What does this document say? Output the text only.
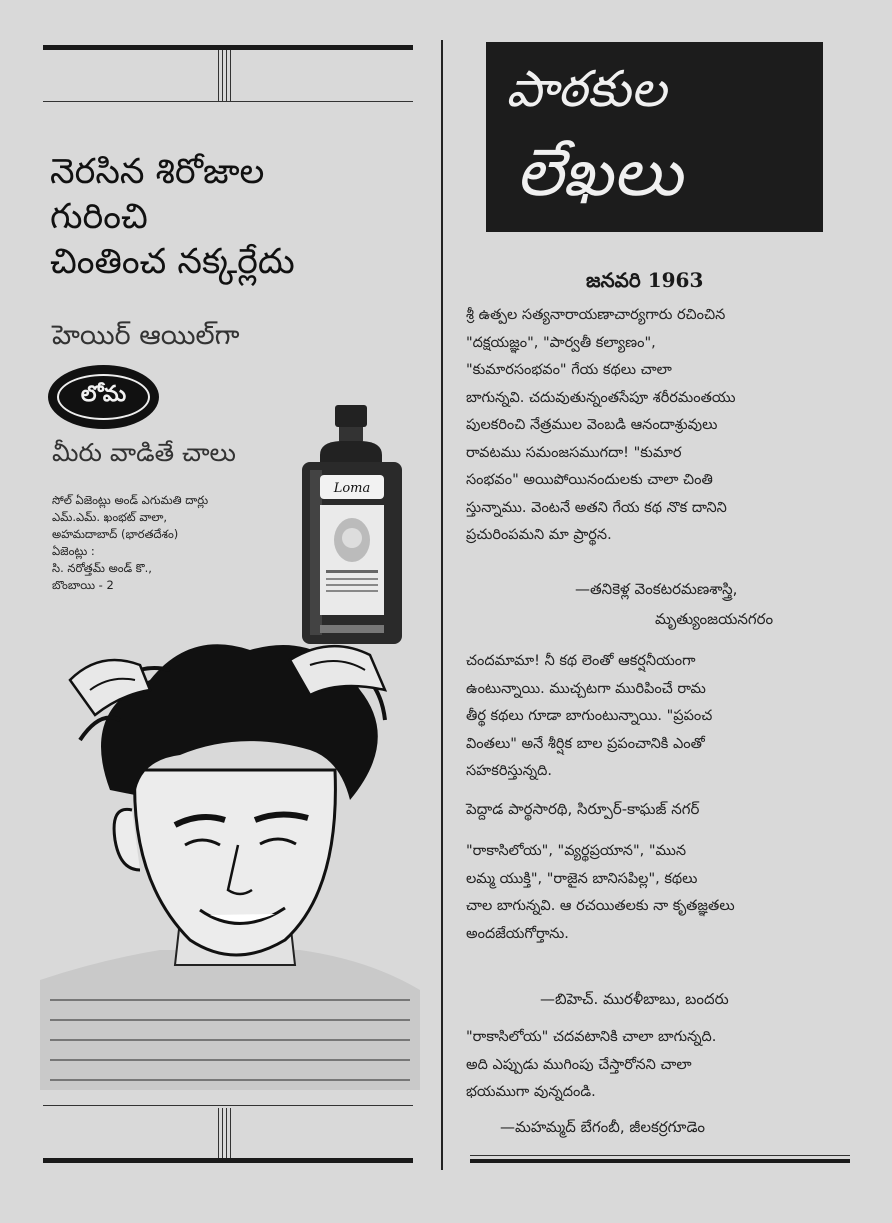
నెరసిన శిరోజాల
గురించి
చింతించ నక్కర్లేదు
హెయిర్ ఆయిల్‌గా
లోమ
మీరు వాడితే చాలు
సోల్ ఏజెంట్లు అండ్ ఎగుమతి దార్లు
ఎమ్.ఎమ్. ఖంభట్ వాలా,
అహమదాబాద్ (భారతదేశం)
ఏజెంట్లు :
సి. నరోత్తమ్ అండ్ కొ.,
బొంబాయి - 2
Loma
పాఠకుల
లేఖలు
జనవరి 1963
శ్రీ ఉత్పల సత్యనారాయణాచార్యగారు రచించిన
"దక్షయజ్ఞం", "పార్వతీ కల్యాణం",
"కుమారసంభవం" గేయ కథలు చాలా
బాగున్నవి. చదువుతున్నంతసేపూ శరీరమంతయు
పులకరించి నేత్రముల వెంబడి ఆనందాశ్రువులు
రావటము సమంజసముగదా! "కుమార
సంభవం" అయిపోయినందులకు చాలా చింతి
స్తున్నాము. వెంటనే అతని గేయ కథ నొక దానిని
ప్రచురింపమని మా ప్రార్థన.
—తనికెళ్ల వెంకటరమణశాస్త్రి,
మృత్యుంజయనగరం
చందమామా! నీ కథ లెంతో ఆకర్షనీయంగా
ఉంటున్నాయి. ముచ్చటగా మురిపించే రామ
తీర్థ కథలు గూడా బాగుంటున్నాయి. "ప్రపంచ
వింతలు" అనే శీర్షిక బాల ప్రపంచానికి ఎంతో
సహకరిస్తున్నది.
పెద్దాడ పార్థసారథి, సిర్పూర్-కాఘజ్ నగర్
"రాకాసిలోయ", "వ్యర్థప్రయాన", "మున
లమ్మ యుక్తి", "రాజైన బానిసపిల్ల", కథలు
చాల బాగున్నవి. ఆ రచయితలకు నా కృతజ్ఞతలు
అందజేయగోర్తాను.
—బిహెచ్. మురళీబాబు, బందరు
"రాకాసిలోయ" చదవటానికి చాలా బాగున్నది.
అది ఎప్పుడు ముగింపు చేస్తారోనని చాలా
భయముగా వున్నదండి.
—మహమ్మద్ బేగంబీ, జీలకర్రగూడెం
